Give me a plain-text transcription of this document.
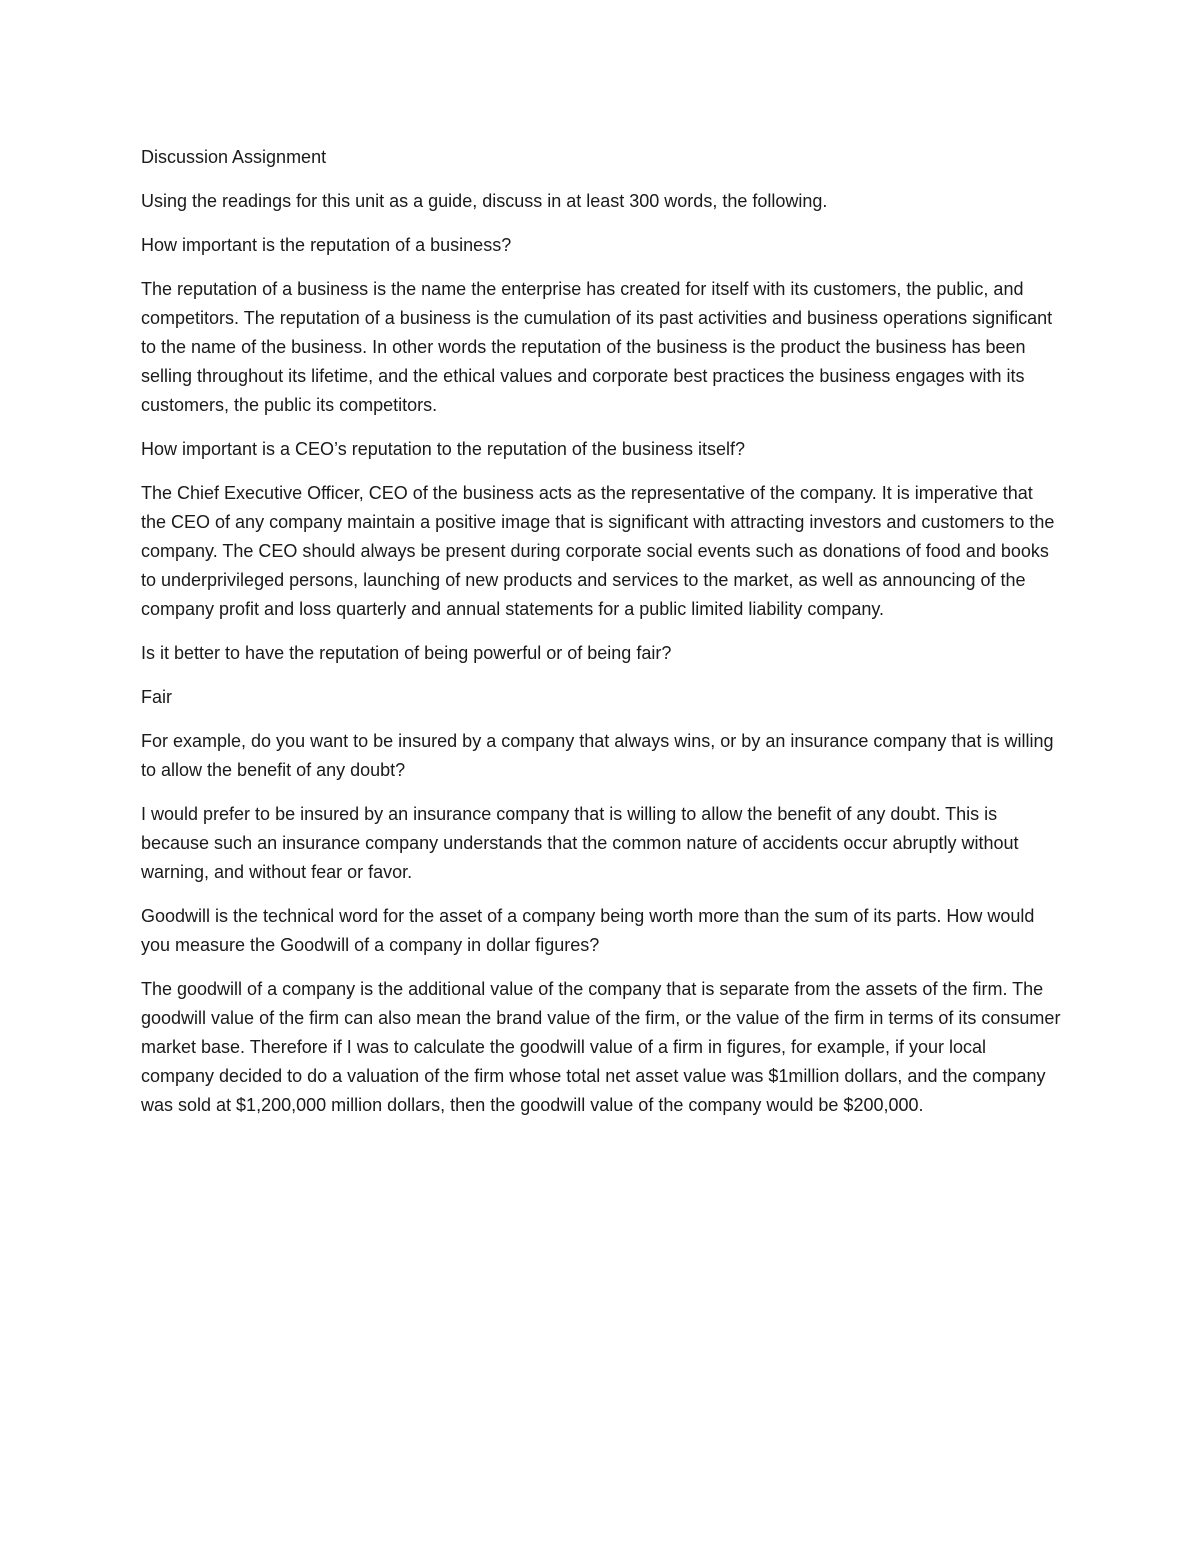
Discussion Assignment

Using the readings for this unit as a guide, discuss in at least 300 words, the following.

How important is the reputation of a business?

The reputation of a business is the name the enterprise has created for itself with its customers, the public, and competitors. The reputation of a business is the cumulation of its past activities and business operations significant to the name of the business. In other words the reputation of the business is the product the business has been selling throughout its lifetime, and the ethical values and corporate best practices the business engages with its customers, the public its competitors.

How important is a CEO’s reputation to the reputation of the business itself?

The Chief Executive Officer, CEO of the business acts as the representative of the company. It is imperative that the CEO of any company maintain a positive image that is significant with attracting investors and customers to the company. The CEO should always be present during corporate social events such as donations of food and books to underprivileged persons, launching of new products and services to the market, as well as announcing of the company profit and loss quarterly and annual statements for a public limited liability company.

Is it better to have the reputation of being powerful or of being fair?

Fair

For example, do you want to be insured by a company that always wins, or by an insurance company that is willing to allow the benefit of any doubt?

I would prefer to be insured by an insurance company that is willing to allow the benefit of any doubt. This is because such an insurance company understands that the common nature of accidents occur abruptly without warning, and without fear or favor.

Goodwill is the technical word for the asset of a company being worth more than the sum of its parts. How would you measure the Goodwill of a company in dollar figures?

The goodwill of a company is the additional value of the company that is separate from the assets of the firm. The goodwill value of the firm can also mean the brand value of the firm, or the value of the firm in terms of its consumer market base. Therefore if I was to calculate the goodwill value of a firm in figures, for example, if your local company decided to do a valuation of the firm whose total net asset value was $1million dollars, and the company was sold at $1,200,000 million dollars, then the goodwill value of the company would be $200,000.
